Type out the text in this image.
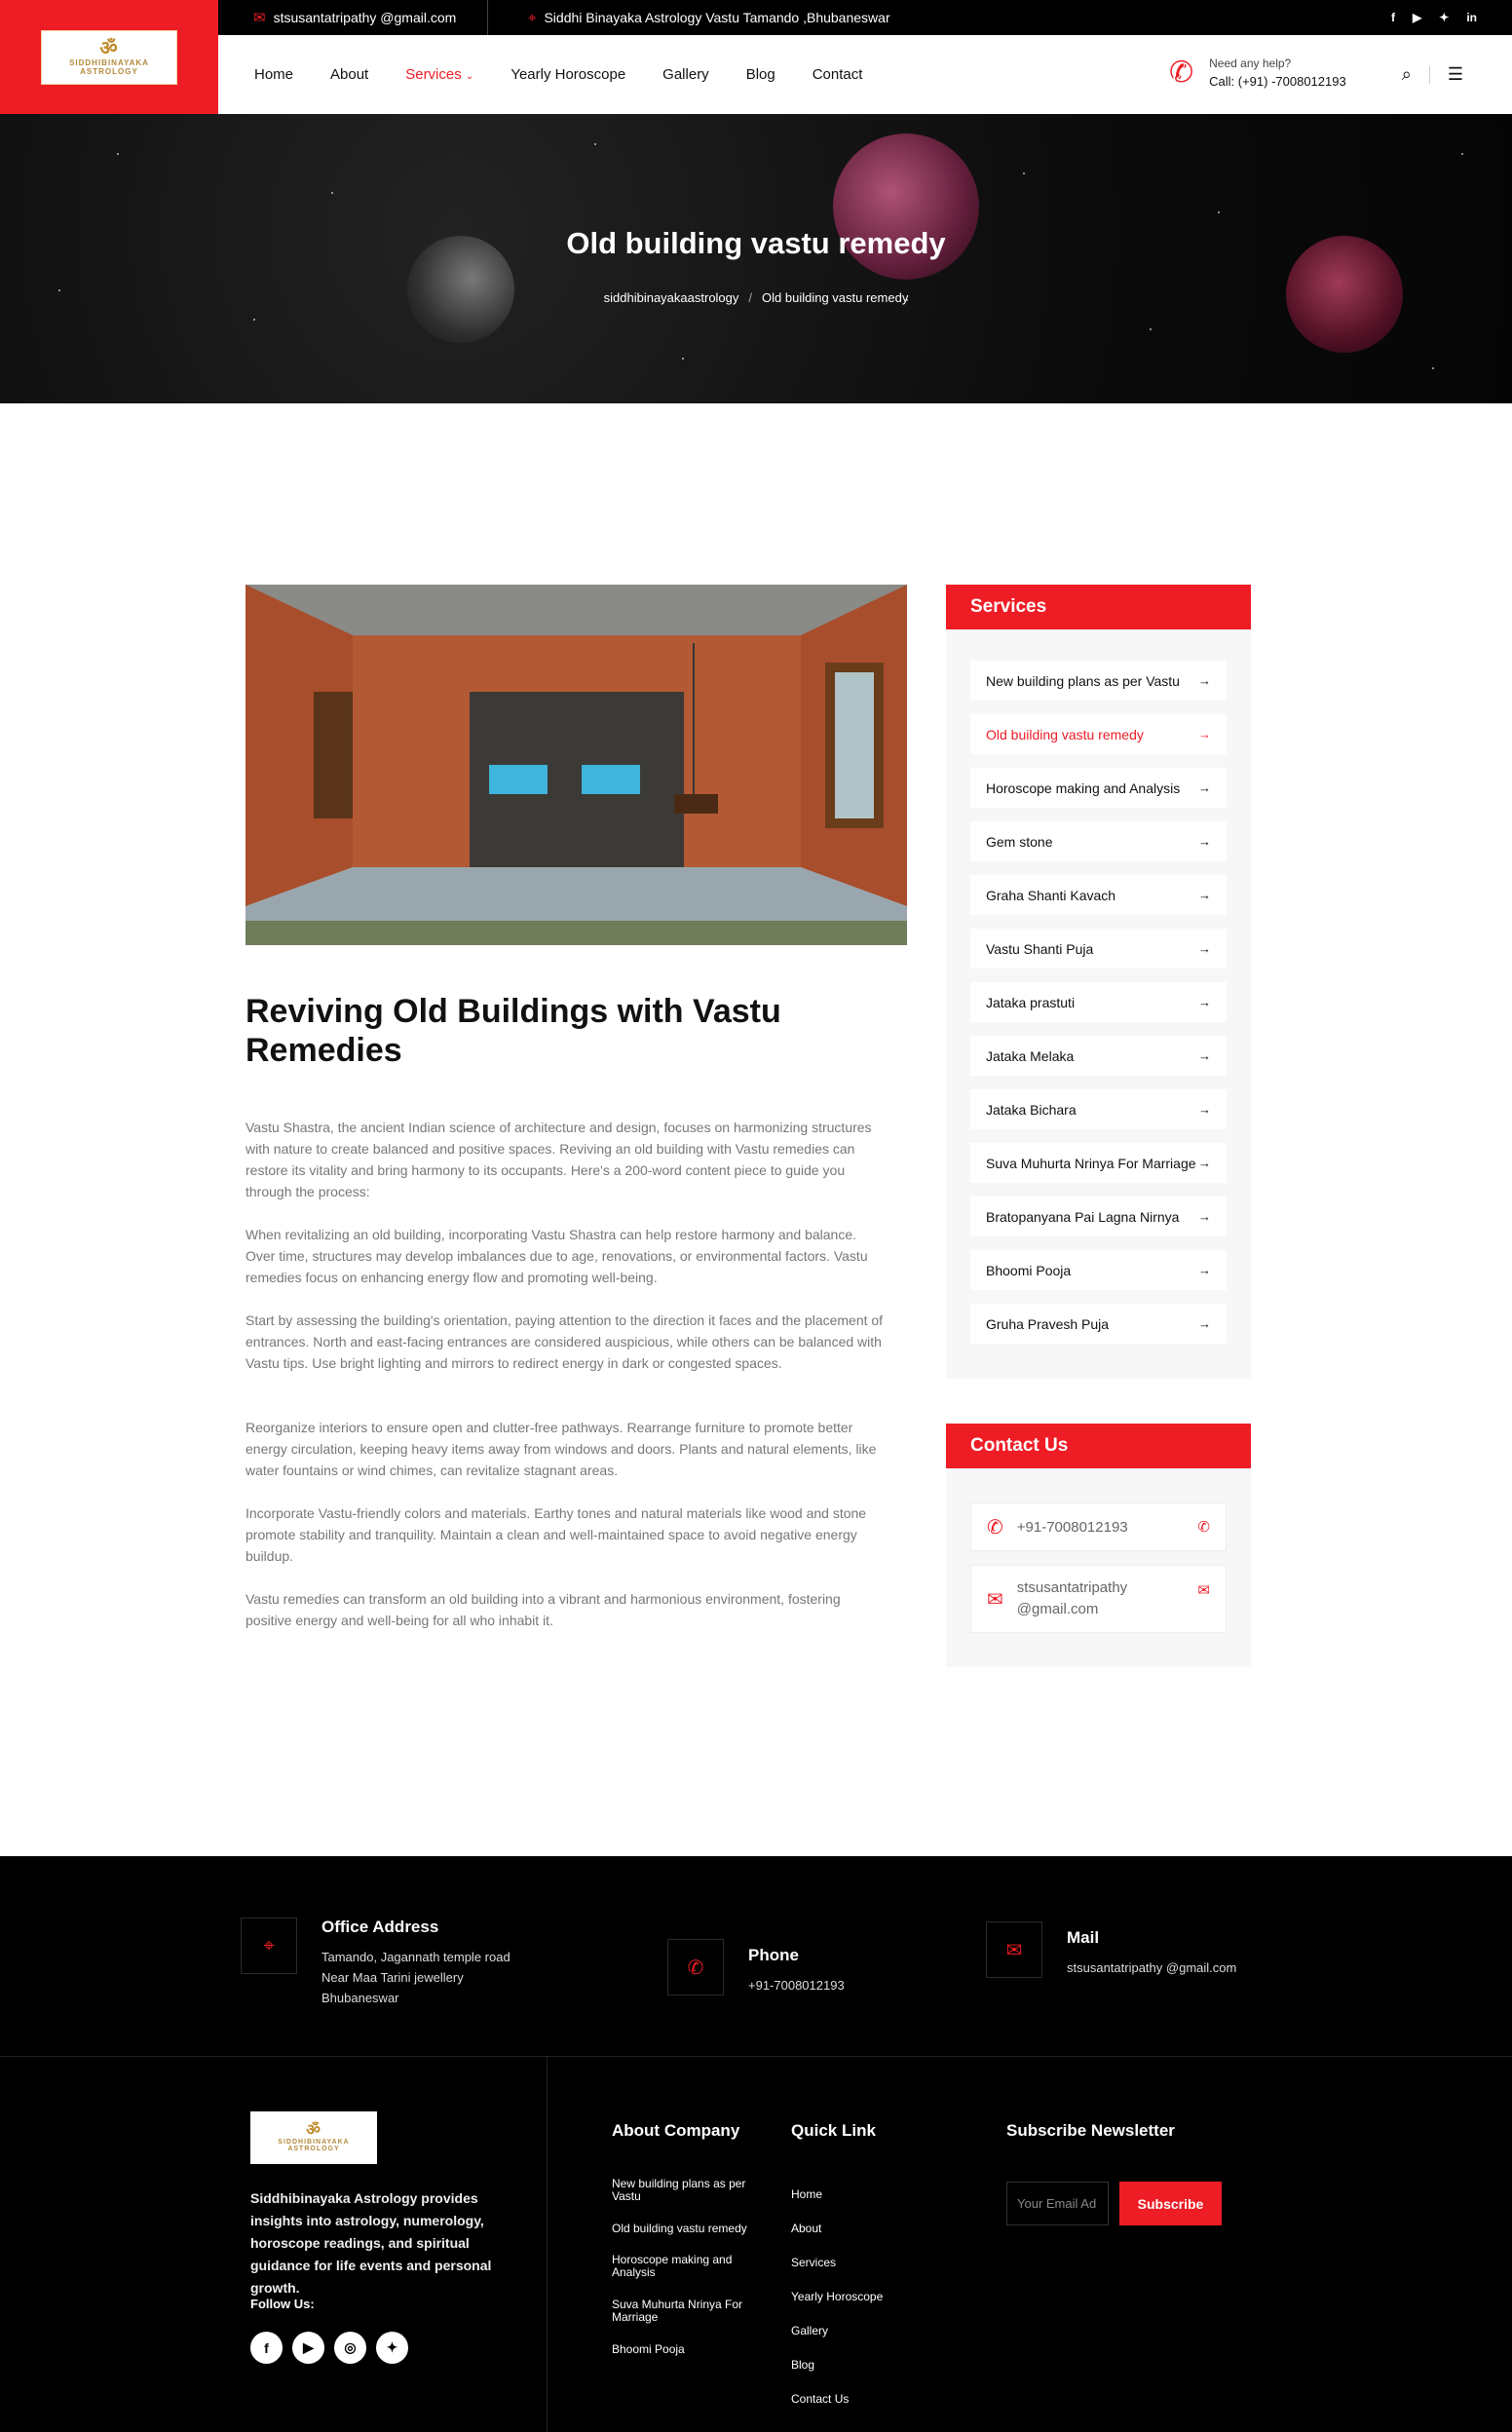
✉ stsusantatripathy @gmail.com	⌖ Siddhi Binayaka Astrology Vastu Tamando ,Bhubaneswar	f ▶ ✦ in
ॐ
SIDDHIBINAYAKA
ASTROLOGY	Home	About	Services ⌄	Yearly Horoscope	Gallery	Blog	Contact	✆ Need any help?
Call: (+91) -7008012193	⌕ ☰
Old building vastu remedy
siddhibinayakaastrology / Old building vastu remedy
Reviving Old Buildings with Vastu Remedies

Vastu Shastra, the ancient Indian science of architecture and design, focuses on harmonizing structures with nature to create balanced and positive spaces. Reviving an old building with Vastu remedies can restore its vitality and bring harmony to its occupants. Here's a 200-word content piece to guide you through the process:

When revitalizing an old building, incorporating Vastu Shastra can help restore harmony and balance. Over time, structures may develop imbalances due to age, renovations, or environmental factors. Vastu remedies focus on enhancing energy flow and promoting well-being.

Start by assessing the building's orientation, paying attention to the direction it faces and the placement of entrances. North and east-facing entrances are considered auspicious, while others can be balanced with Vastu tips. Use bright lighting and mirrors to redirect energy in dark or congested spaces.

Reorganize interiors to ensure open and clutter-free pathways. Rearrange furniture to promote better energy circulation, keeping heavy items away from windows and doors. Plants and natural elements, like water fountains or wind chimes, can revitalize stagnant areas.

Incorporate Vastu-friendly colors and materials. Earthy tones and natural materials like wood and stone promote stability and tranquility. Maintain a clean and well-maintained space to avoid negative energy buildup.

Vastu remedies can transform an old building into a vibrant and harmonious environment, fostering positive energy and well-being for all who inhabit it.

Services
New building plans as per Vastu →
Old building vastu remedy	→
Horoscope making and Analysis →
Gem stone	→
Graha Shanti Kavach	→
Vastu Shanti Puja	→
Jataka prastuti	→
Jataka Melaka	→
Jataka Bichara	→
Suva Muhurta Nrinya For Marriage →
Bratopanyana Pai Lagna Nirnya →
Bhoomi Pooja	→
Gruha Pravesh Puja	→
Contact Us
✆ +91-7008012193	✆
✉
stsusantatripathy
@gmail.com
✉
⌖
Office Address
Tamando, Jagannath temple road
Near Maa Tarini jewellery
Bhubaneswar
✆
Phone
+91-7008012193
✉
Mail
stsusantatripathy @gmail.com
ॐ
SIDDHIBINAYAKA
ASTROLOGY
Siddhibinayaka Astrology provides insights into astrology, numerology, horoscope readings, and spiritual guidance for life events and personal growth.
Follow Us:
f	▶	◎	✦
About Company
New building plans as per Vastu
Old building vastu remedy
Horoscope making and Analysis
Suva Muhurta Nrinya For Marriage
Bhoomi Pooja
Quick Link
Home
About
Services
Yearly Horoscope
Gallery
Blog
Contact Us
Subscribe Newsletter
Your Email Ad	Subscribe
